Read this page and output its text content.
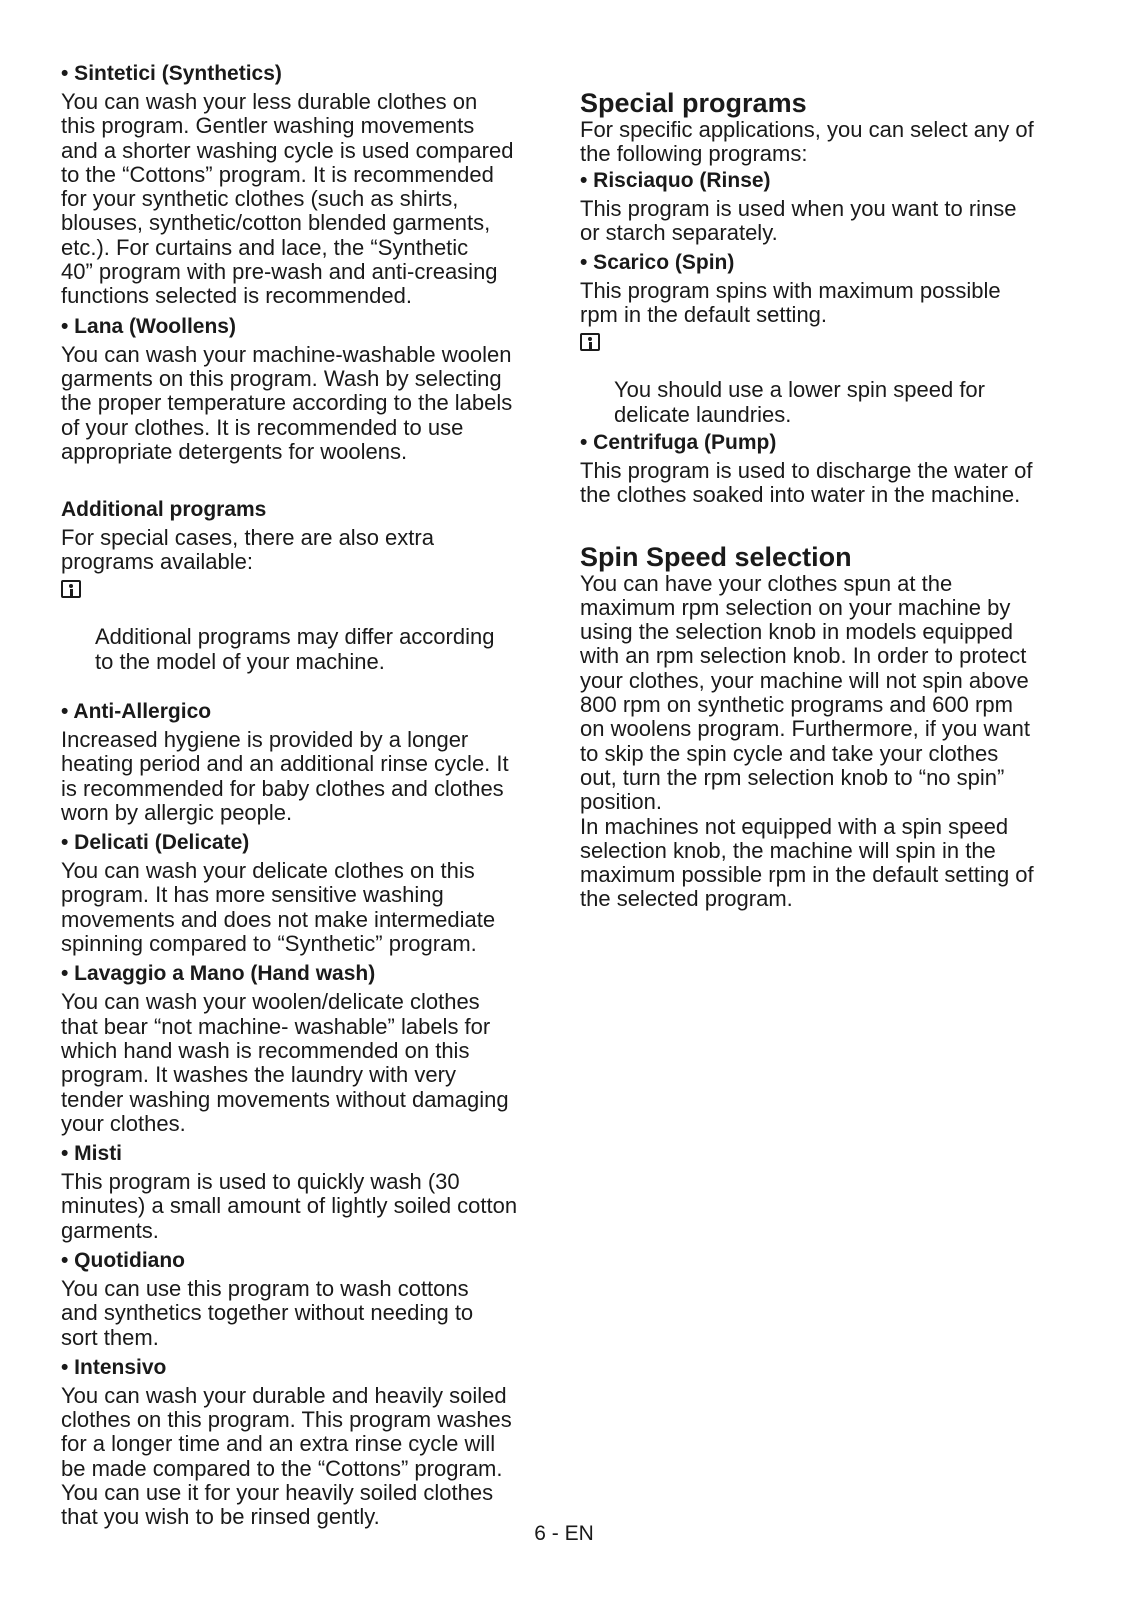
• Sintetici (Synthetics)
You can wash your less durable clothes on
this program. Gentler washing movements
and a shorter washing cycle is used compared
to the “Cottons” program. It is recommended
for your synthetic clothes (such as shirts,
blouses, synthetic/cotton blended garments,
etc.). For curtains and lace, the “Synthetic
40” program with pre-wash and anti-creasing
functions selected is recommended.
• Lana (Woollens)
You can wash your machine-washable woolen
garments on this program. Wash by selecting
the proper temperature according to the labels
of your clothes. It is recommended to use
appropriate detergents for woolens.
Additional programs
For special cases, there are also extra
programs available:

Additional programs may differ according
to the model of your machine.

• Anti-Allergico
Increased hygiene is provided by a longer
heating period and an additional rinse cycle. It
is recommended for baby clothes and clothes
worn by allergic people.
• Delicati (Delicate)
You can wash your delicate clothes on this
program. It has more sensitive washing
movements and does not make intermediate
spinning compared to “Synthetic” program.
• Lavaggio a Mano (Hand wash)
You can wash your woolen/delicate clothes
that bear “not machine- washable” labels for
which hand wash is recommended on this
program. It washes the laundry with very
tender washing movements without damaging
your clothes.
• Misti
This program is used to quickly wash (30
minutes) a small amount of lightly soiled cotton
garments.
• Quotidiano
You can use this program to wash cottons
and synthetics together without needing to
sort them.
• Intensivo
You can wash your durable and heavily soiled
clothes on this program. This program washes
for a longer time and an extra rinse cycle will
be made compared to the “Cottons” program.
You can use it for your heavily soiled clothes
that you wish to be rinsed gently.
Special programs
For specific applications, you can select any of
the following programs:
• Risciaquo (Rinse)
This program is used when you want to rinse
or starch separately.
• Scarico (Spin)
This program spins with maximum possible
rpm in the default setting.

You should use a lower spin speed for
delicate laundries.

• Centrifuga (Pump)
This program is used to discharge the water of
the clothes soaked into water in the machine.
Spin Speed selection
You can have your clothes spun at the
maximum rpm selection on your machine by
using the selection knob in models equipped
with an rpm selection knob. In order to protect
your clothes, your machine will not spin above
800 rpm on synthetic programs and 600 rpm
on woolens program. Furthermore, if you want
to skip the spin cycle and take your clothes
out, turn the rpm selection knob to “no spin”
position.
In machines not equipped with a spin speed
selection knob, the machine will spin in the
maximum possible rpm in the default setting of
the selected program.
6 - EN
